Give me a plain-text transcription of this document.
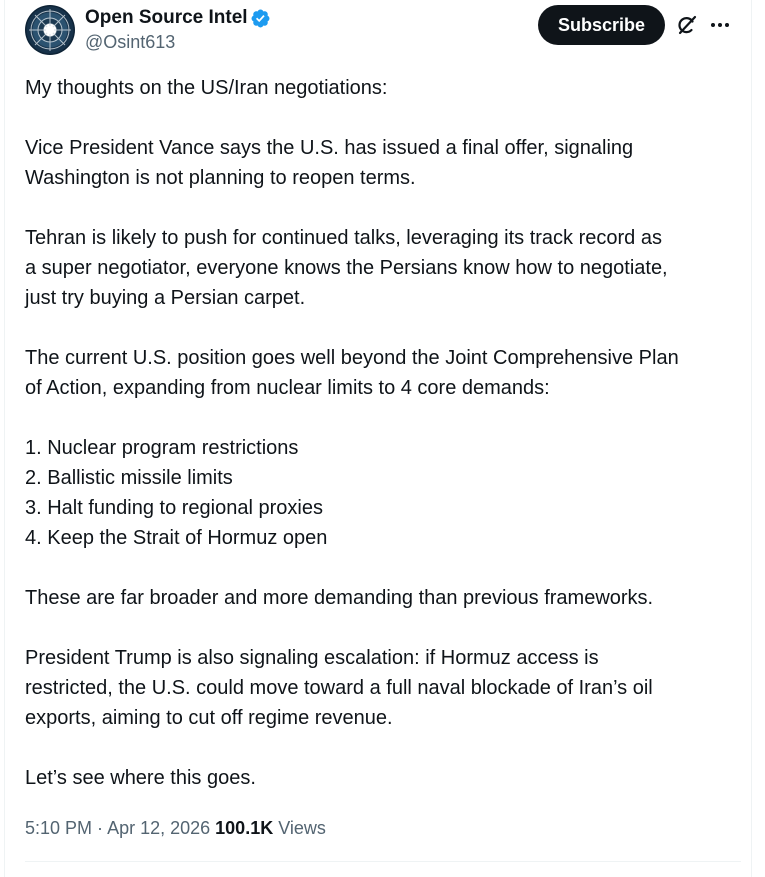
Open Source Intel
@Osint613
Subscribe

My thoughts on the US/Iran negotiations:

Vice President Vance says the U.S. has issued a final offer, signaling
Washington is not planning to reopen terms.

Tehran is likely to push for continued talks, leveraging its track record as
a super negotiator, everyone knows the Persians know how to negotiate,
just try buying a Persian carpet.

The current U.S. position goes well beyond the Joint Comprehensive Plan
of Action, expanding from nuclear limits to 4 core demands:

1. Nuclear program restrictions
2. Ballistic missile limits
3. Halt funding to regional proxies
4. Keep the Strait of Hormuz open

These are far broader and more demanding than previous frameworks.

President Trump is also signaling escalation: if Hormuz access is
restricted, the U.S. could move toward a full naval blockade of Iran’s oil
exports, aiming to cut off regime revenue.

Let’s see where this goes.

5:10 PM · Apr 12, 2026 100.1K Views
